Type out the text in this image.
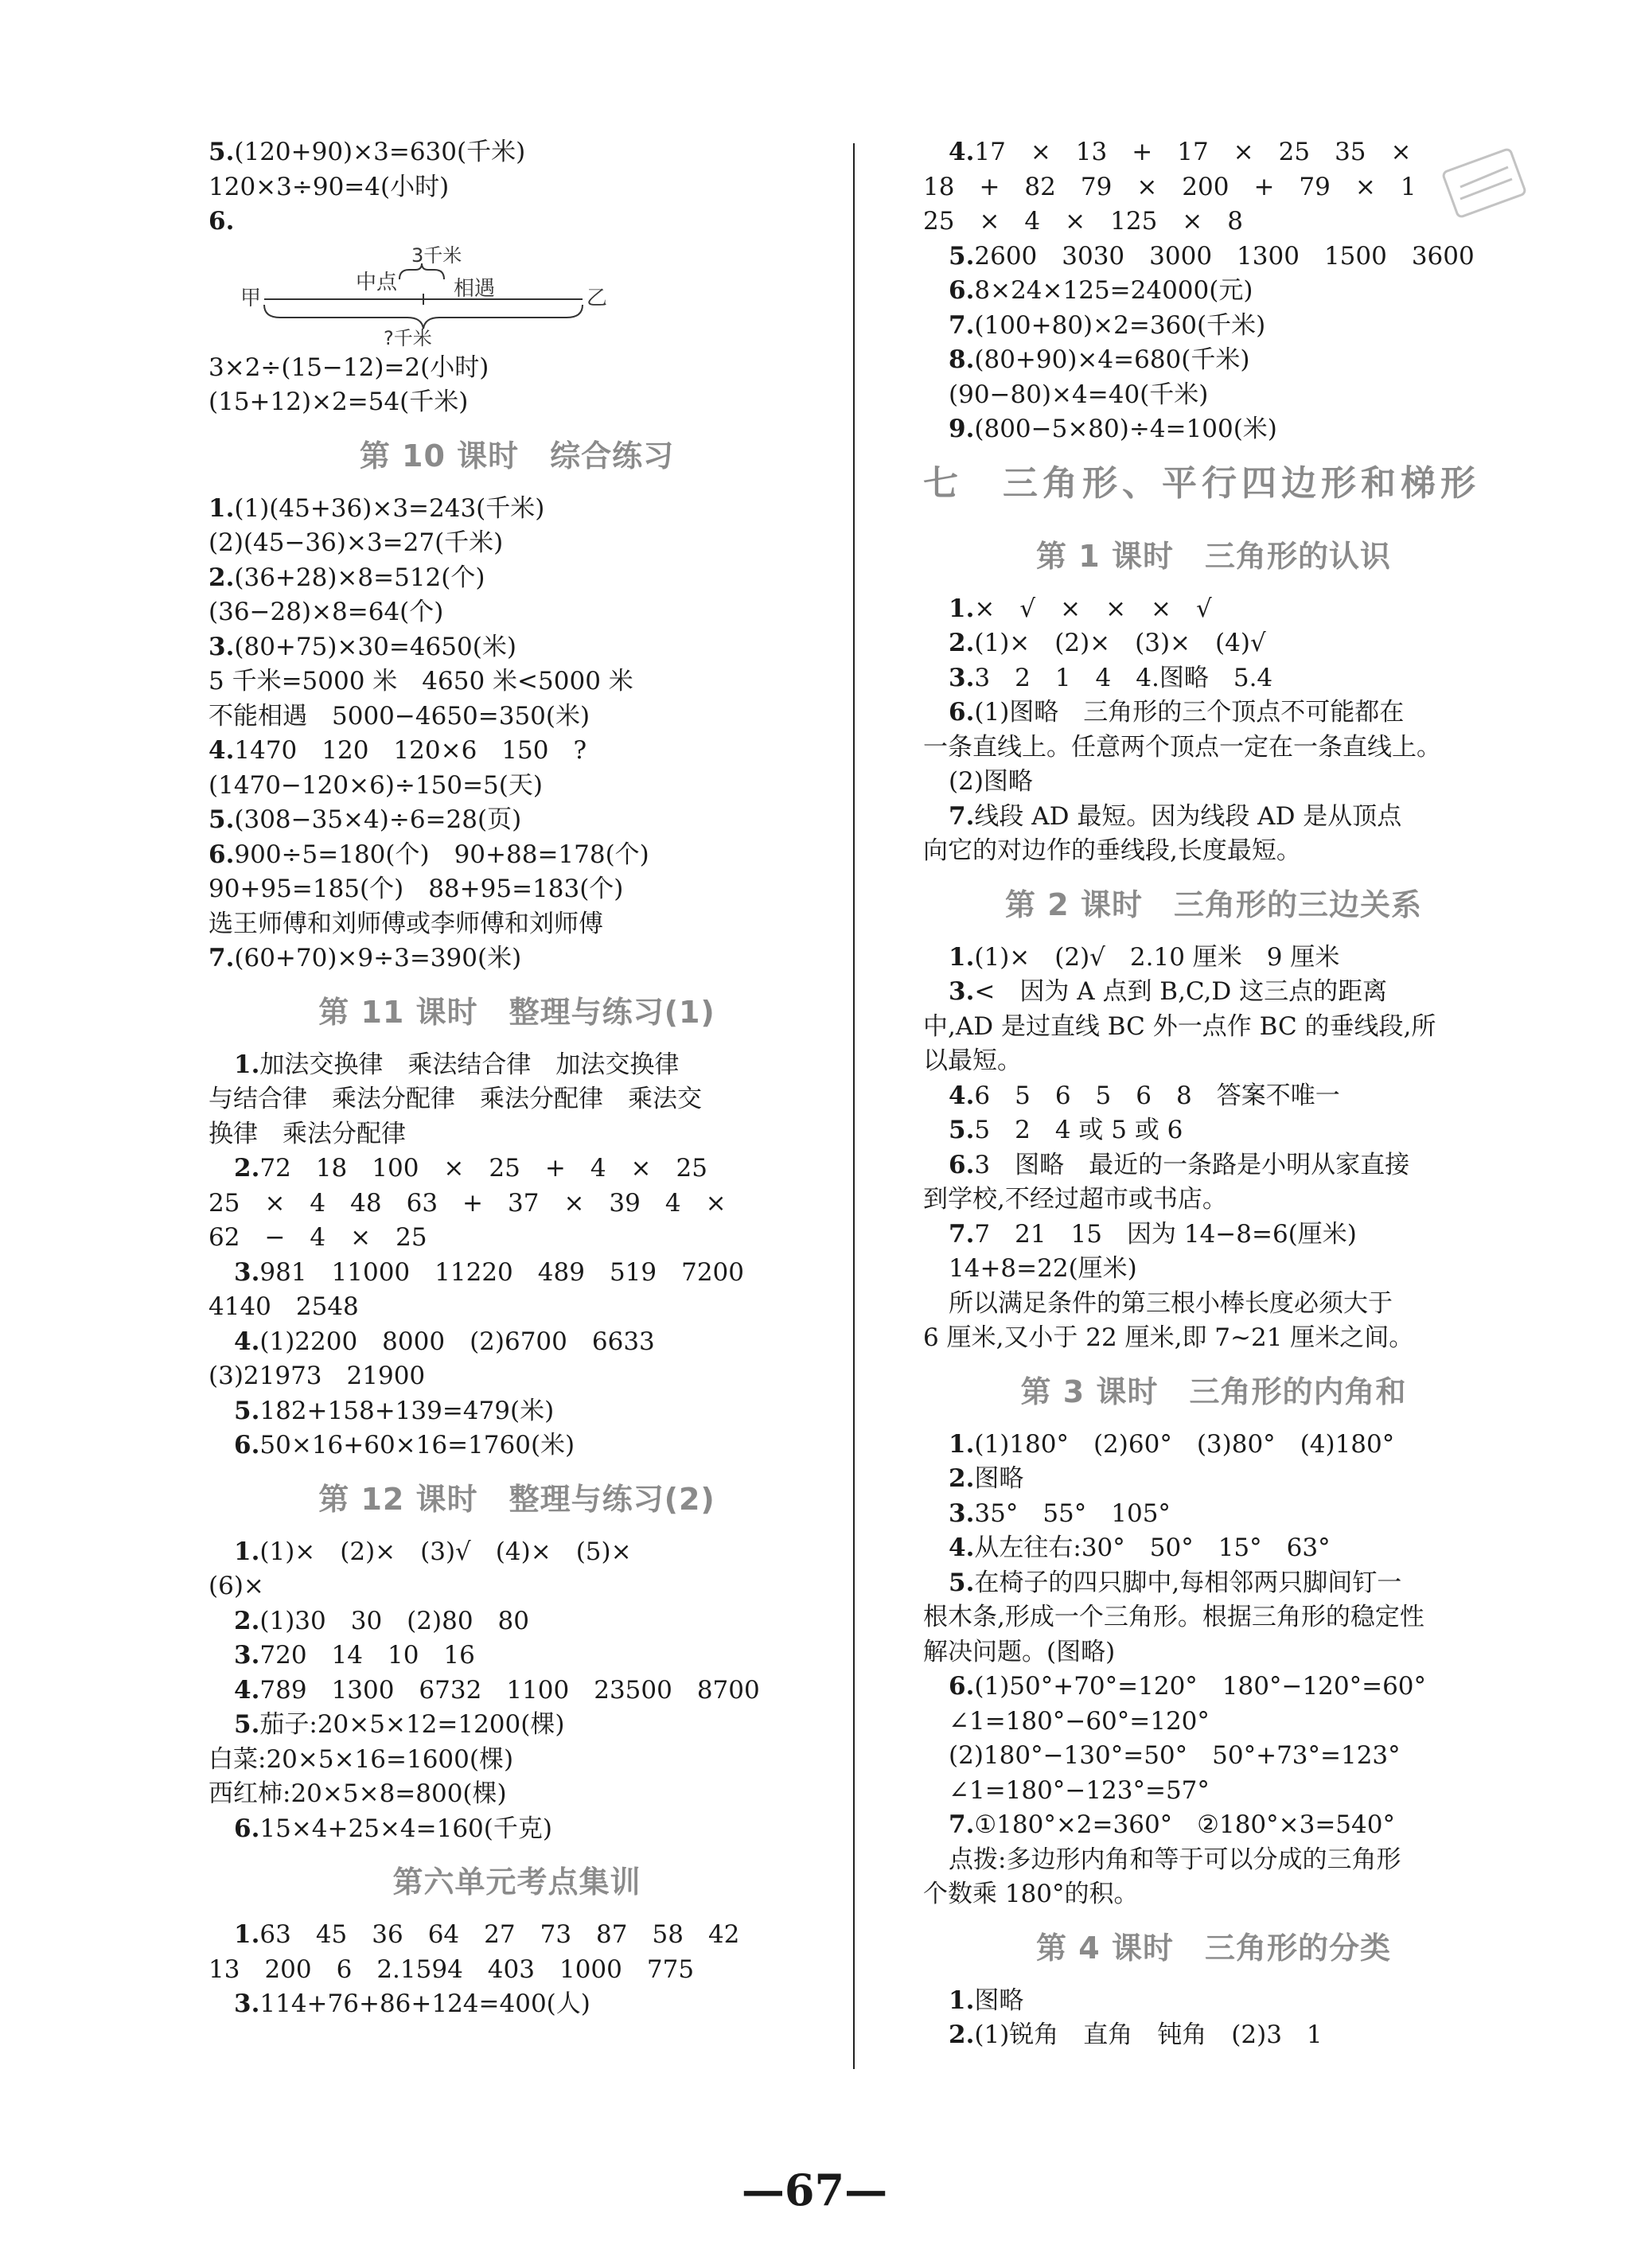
5.(120+90)×3=630(千米)
120×3÷90=4(小时)
6.
3千米
中点	相遇
甲	乙
?千米
3×2÷(15−12)=2(小时)
(15+12)×2=54(千米)
第 10 课时　综合练习
1.(1)(45+36)×3=243(千米)
(2)(45−36)×3=27(千米)
2.(36+28)×8=512(个)
(36−28)×8=64(个)
3.(80+75)×30=4650(米)
5 千米=5000 米　4650 米<5000 米
不能相遇　5000−4650=350(米)
4.1470　120　120×6　150　?
(1470−120×6)÷150=5(天)
5.(308−35×4)÷6=28(页)
6.900÷5=180(个)　90+88=178(个)
90+95=185(个)　88+95=183(个)
选王师傅和刘师傅或李师傅和刘师傅
7.(60+70)×9÷3=390(米)
第 11 课时　整理与练习(1)
1.加法交换律　乘法结合律　加法交换律
与结合律　乘法分配律　乘法分配律　乘法交
换律　乘法分配律
2.72　18　100　×　25　+　4　×　25
25　×　4　48　63　+　37　×　39　4　×
62　−　4　×　25
3.981　11000　11220　489　519　7200
4140　2548
4.(1)2200　8000　(2)6700　6633
(3)21973　21900
5.182+158+139=479(米)
6.50×16+60×16=1760(米)
第 12 课时　整理与练习(2)
1.(1)×　(2)×　(3)√　(4)×　(5)×
(6)×
2.(1)30　30　(2)80　80
3.720　14　10　16
4.789　1300　6732　1100　23500　8700
5.茄子:20×5×12=1200(棵)
白菜:20×5×16=1600(棵)
西红柿:20×5×8=800(棵)
6.15×4+25×4=160(千克)
第六单元考点集训
1.63　45　36　64　27　73　87　58　42
13　200　6　2.1594　403　1000　775
3.114+76+86+124=400(人)
4.17　×　13　+　17　×　25　35　×
18　+　82　79　×　200　+　79　×　1
25　×　4　×　125　×　8
5.2600　3030　3000　1300　1500　3600
6.8×24×125=24000(元)
7.(100+80)×2=360(千米)
8.(80+90)×4=680(千米)
(90−80)×4=40(千米)
9.(800−5×80)÷4=100(米)
七　三角形、平行四边形和梯形
第 1 课时　三角形的认识
1.×　√　×　×　×　√
2.(1)×　(2)×　(3)×　(4)√
3.3　2　1　4　4.图略　5.4
6.(1)图略　三角形的三个顶点不可能都在
一条直线上。任意两个顶点一定在一条直线上。
(2)图略
7.线段 AD 最短。因为线段 AD 是从顶点
向它的对边作的垂线段,长度最短。
第 2 课时　三角形的三边关系
1.(1)×　(2)√　2.10 厘米　9 厘米
3.<　因为 A 点到 B,C,D 这三点的距离
中,AD 是过直线 BC 外一点作 BC 的垂线段,所
以最短。
4.6　5　6　5　6　8　答案不唯一
5.5　2　4 或 5 或 6
6.3　图略　最近的一条路是小明从家直接
到学校,不经过超市或书店。
7.7　21　15　因为 14−8=6(厘米)
14+8=22(厘米)
所以满足条件的第三根小棒长度必须大于
6 厘米,又小于 22 厘米,即 7~21 厘米之间。
第 3 课时　三角形的内角和
1.(1)180°　(2)60°　(3)80°　(4)180°
2.图略
3.35°　55°　105°
4.从左往右:30°　50°　15°　63°
5.在椅子的四只脚中,每相邻两只脚间钉一
根木条,形成一个三角形。根据三角形的稳定性
解决问题。(图略)
6.(1)50°+70°=120°　180°−120°=60°
∠1=180°−60°=120°
(2)180°−130°=50°　50°+73°=123°
∠1=180°−123°=57°
7.①180°×2=360°　②180°×3=540°
点拨:多边形内角和等于可以分成的三角形
个数乘 180°的积。
第 4 课时　三角形的分类
1.图略
2.(1)锐角　直角　钝角　(2)3　1
—67—
